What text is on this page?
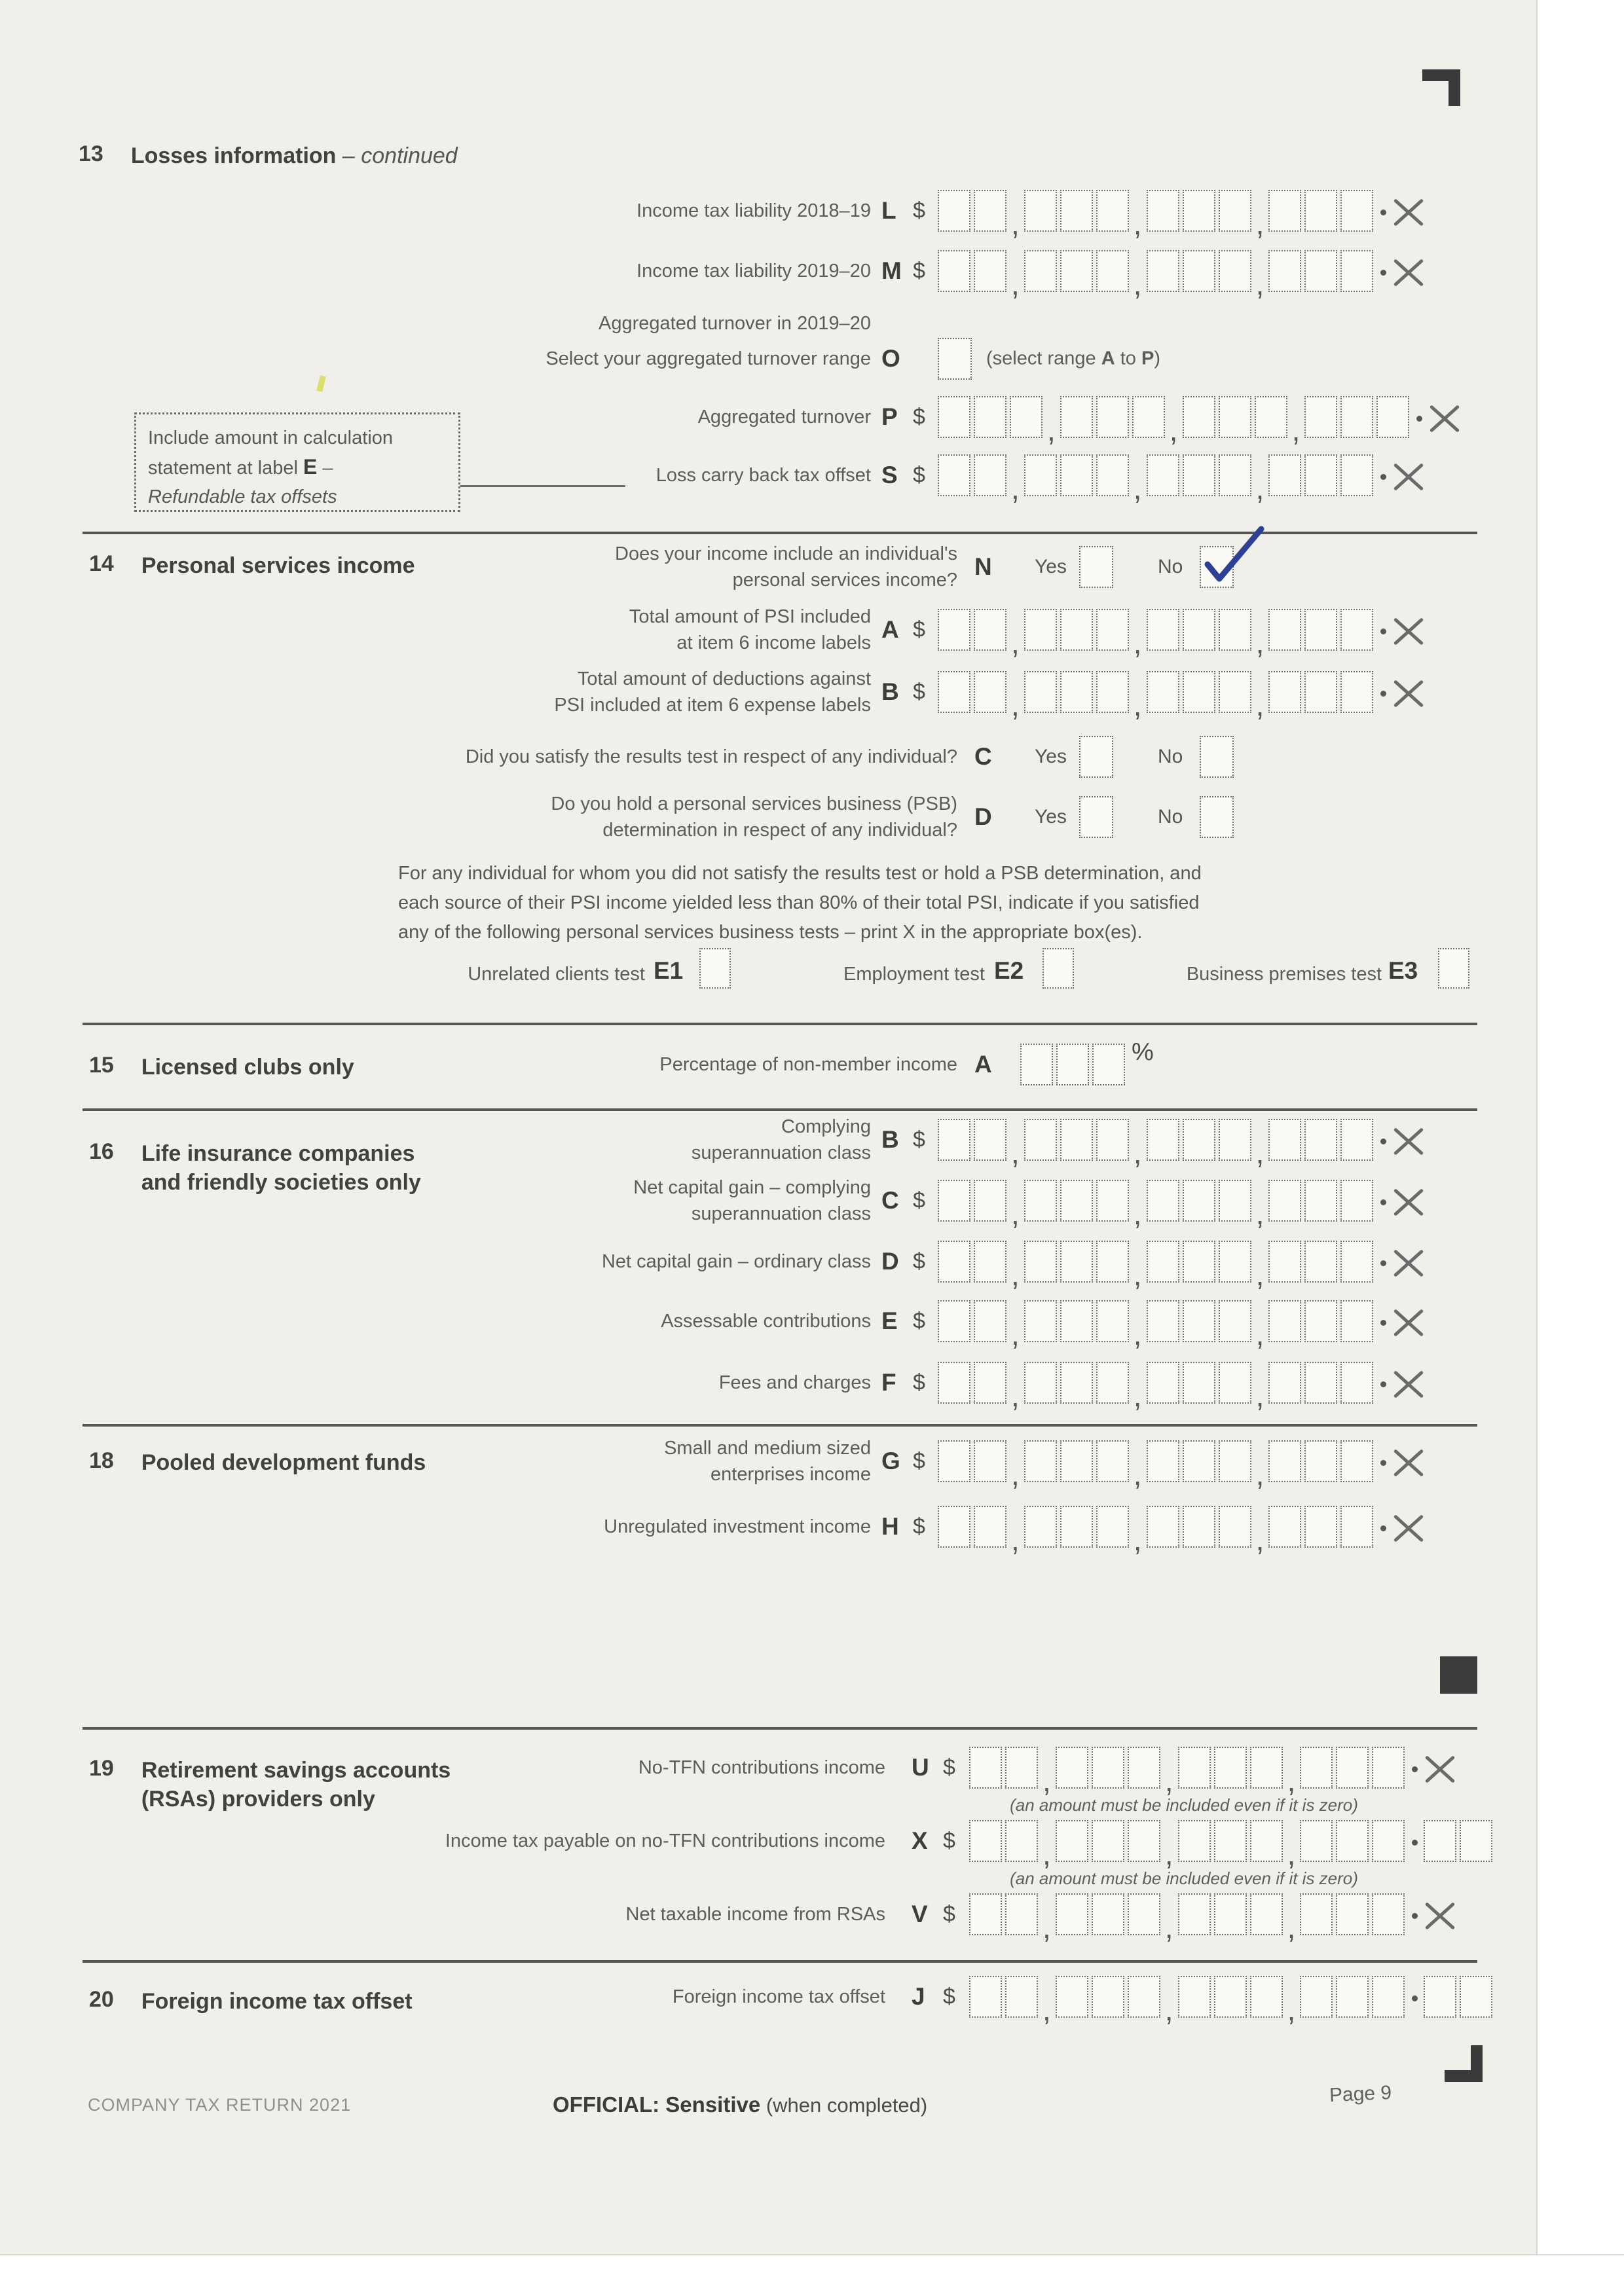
13 Losses information – continued
Income tax liability 2018–19 L $	,	,	,
Income tax liability 2019–20 M $	,	,	,
Aggregated turnover in 2019–20
Select your aggregated turnover range O	(select range A to P)
Include amount in calculation
statement at label E –
Refundable tax offsets
Aggregated turnover P $	,	,	,
Loss carry back tax offset S $	,	,	,
14 Personal services income	Does your income include an individual's
personal services income? N Yes	No
Total amount of PSI included
at item 6 income labels A $	,	,	,
Total amount of deductions against
PSI included at item 6 expense labels B $	,	,	,
Did you satisfy the results test in respect of any individual? C Yes	No
Do you hold a personal services business (PSB)
determination in respect of any individual? D Yes	No
For any individual for whom you did not satisfy the results test or hold a PSB determination, and
each source of their PSI income yielded less than 80% of their total PSI, indicate if you satisfied
any of the following personal services business tests – print X in the appropriate box(es).
Unrelated clients test E1	Employment test E2	Business premises test E3
15 Licensed clubs only	Percentage of non-member income A	%
16 Life insurance companies
and friendly societies only
Complying
superannuation class B $	,	,	,
Net capital gain – complying
superannuation class C $	,	,	,
Net capital gain – ordinary class D $	,	,	,
Assessable contributions E $	,	,	,
Fees and charges F $	,	,	,
18 Pooled development funds
Small and medium sized
enterprises income G $	,	,	,
Unregulated investment income H $	,	,	,
19 Retirement savings accounts
(RSAs) providers only
No-TFN contributions income U $	,	,	,
(an amount must be included even if it is zero)
Income tax payable on no-TFN contributions income X $	,	,	,
(an amount must be included even if it is zero)
Net taxable income from RSAs V $	,	,	,
20 Foreign income tax offset	Foreign income tax offset J $	,	,	,
COMPANY TAX RETURN 2021	OFFICIAL: Sensitive (when completed)	Page 9
